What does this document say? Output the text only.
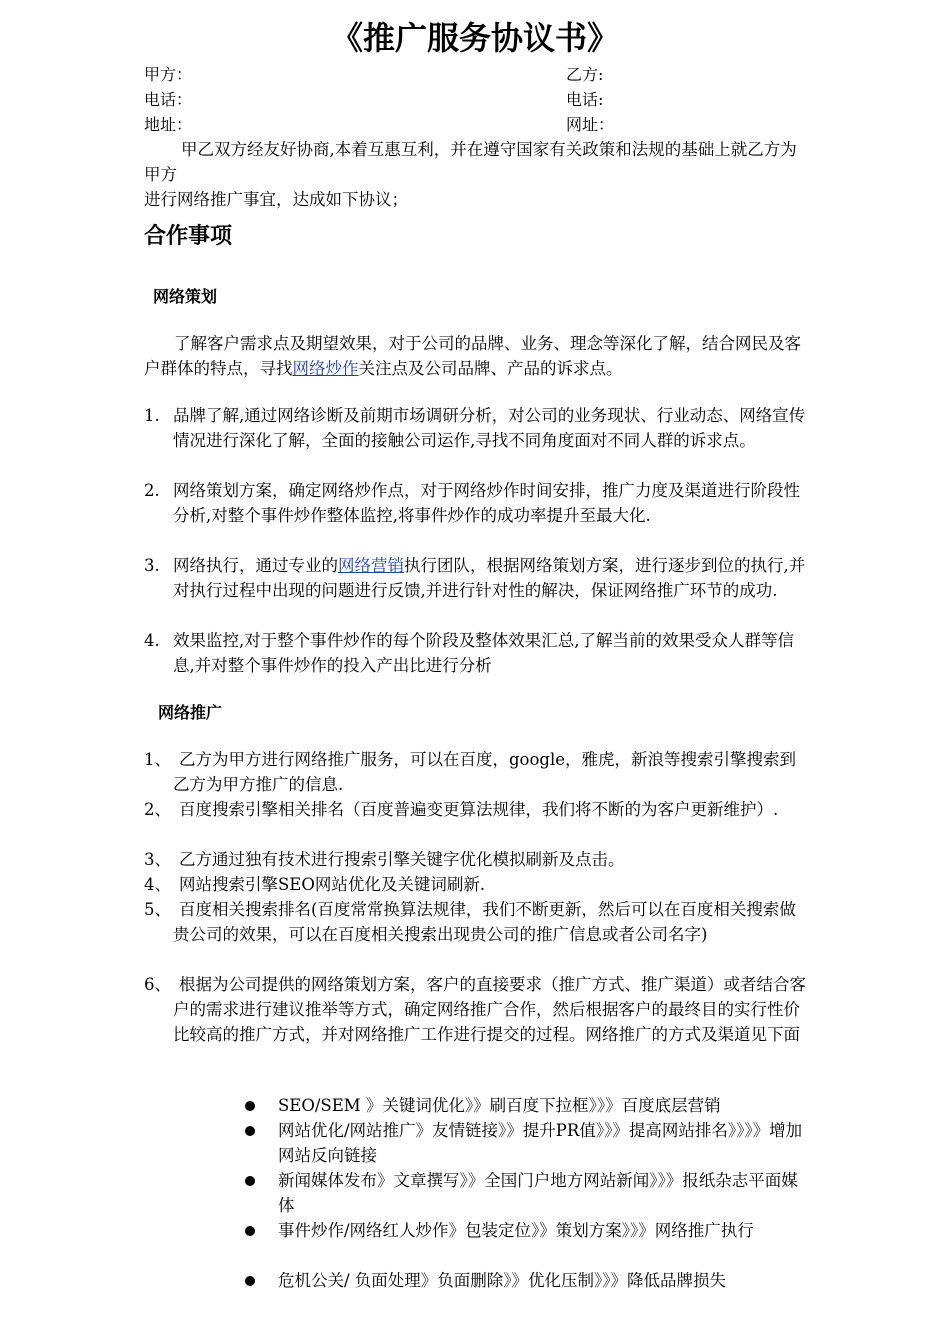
《推广服务协议书》
甲方：	乙方:
电话：	电话:
地址：	网址：
甲乙双方经友好协商,本着互惠互利，并在遵守国家有关政策和法规的基础上就乙方为甲方
进行网络推广事宜，达成如下协议；
合作事项
网络策划
了解客户需求点及期望效果，对于公司的品牌、业务、理念等深化了解，结合网民及客户群体的特点，寻找网络炒作关注点及公司品牌、产品的诉求点。
1. 品牌了解,通过网络诊断及前期市场调研分析，对公司的业务现状、行业动态、网络宣传情况进行深化了解，全面的接触公司运作,寻找不同角度面对不同人群的诉求点。
2. 网络策划方案，确定网络炒作点，对于网络炒作时间安排，推广力度及渠道进行阶段性分析,对整个事件炒作整体监控,将事件炒作的成功率提升至最大化.
3. 网络执行，通过专业的网络营销执行团队，根据网络策划方案，进行逐步到位的执行,并对执行过程中出现的问题进行反馈,并进行针对性的解决，保证网络推广环节的成功.
4. 效果监控,对于整个事件炒作的每个阶段及整体效果汇总,了解当前的效果受众人群等信息,并对整个事件炒作的投入产出比进行分析
网络推广
1、 乙方为甲方进行网络推广服务，可以在百度，google，雅虎，新浪等搜索引擎搜索到乙方为甲方推广的信息.
2、 百度搜索引擎相关排名（百度普遍变更算法规律，我们将不断的为客户更新维护）.
3、 乙方通过独有技术进行搜索引擎关键字优化模拟刷新及点击。
4、 网站搜索引擎SEO网站优化及关键词刷新.
5、 百度相关搜索排名(百度常常换算法规律，我们不断更新，然后可以在百度相关搜索做贵公司的效果，可以在百度相关搜索出现贵公司的推广信息或者公司名字)
6、 根据为公司提供的网络策划方案，客户的直接要求（推广方式、推广渠道）或者结合客户的需求进行建议推举等方式，确定网络推广合作，然后根据客户的最终目的实行性价比较高的推广方式，并对网络推广工作进行提交的过程。网络推广的方式及渠道见下面
SEO/SEM 》关键词优化》》刷百度下拉框》》》百度底层营销
网站优化/网站推广》友情链接》》提升PR值》》》提高网站排名》》》》增加网站反向链接
新闻媒体发布》文章撰写》》全国门户地方网站新闻》》》报纸杂志平面媒体
事件炒作/网络红人炒作》包装定位》》策划方案》》》网络推广执行
危机公关/ 负面处理》负面删除》》优化压制》》》降低品牌损失
